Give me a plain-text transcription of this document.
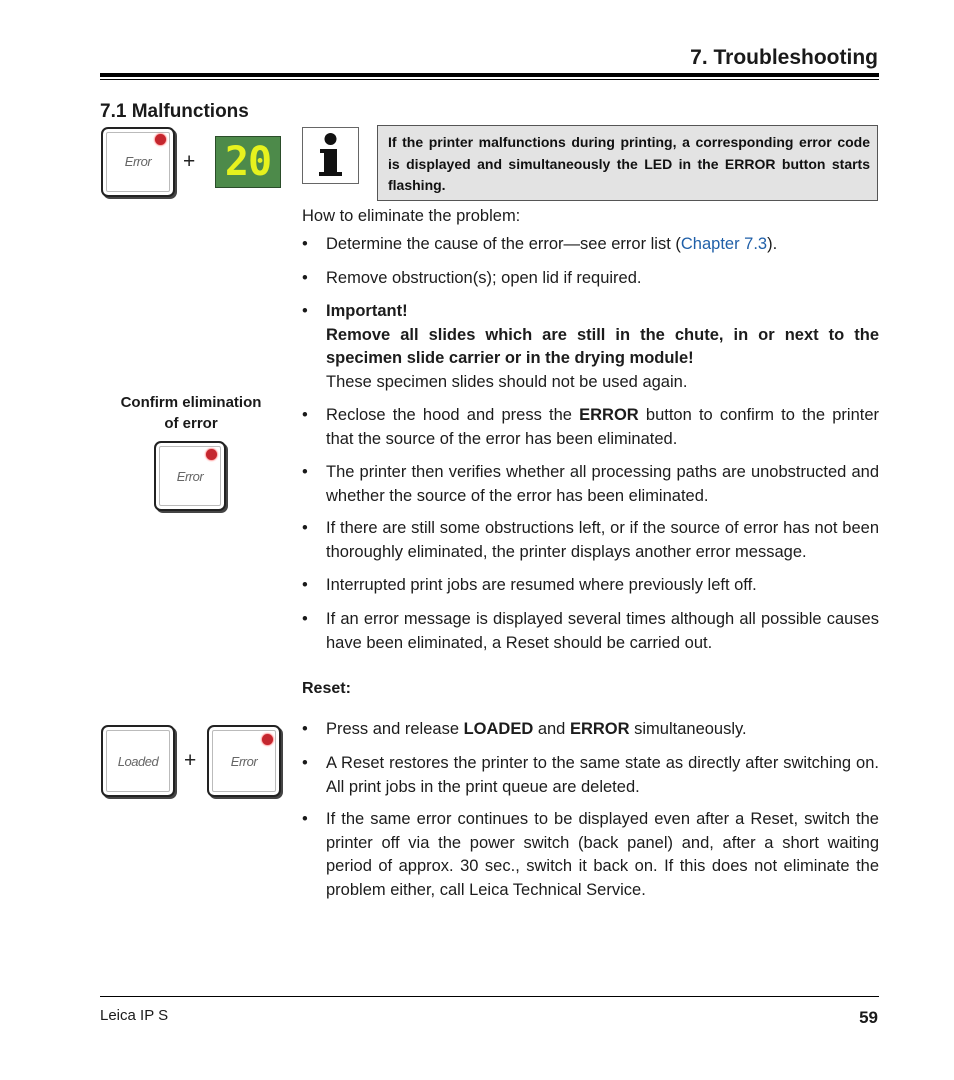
7. Troubleshooting
7.1 Malfunctions
Error	+ 20	If the printer malfunctions during printing, a corresponding error code is displayed and simultaneously the LED in the ERROR button starts flashing.
How to eliminate the problem:
• Determine the cause of the error—see error list (Chapter 7.3).
• Remove obstruction(s); open lid if required.
• Important!
Remove all slides which are still in the chute, in or next to the specimen slide carrier or in the drying module!
These specimen slides should not be used again.
Confirm elimination
of error
Error
• Reclose the hood and press the ERROR button to confirm to the printer that the source of the error has been eliminated.
• The printer then verifies whether all processing paths are unobstructed and whether the source of the error has been eliminated.
• If there are still some obstructions left, or if the source of error has not been thoroughly eliminated, the printer displays another error message.
• Interrupted print jobs are resumed where previously left off.
• If an error message is displayed several times although all possible causes have been eliminated, a Reset should be carried out.
Reset:
Loaded	+	Error
• Press and release LOADED and ERROR simultaneously.
• A Reset restores the printer to the same state as directly after switching on. All print jobs in the print queue are deleted.
• If the same error continues to be displayed even after a Reset, switch the printer off via the power switch (back panel) and, after a short waiting period of approx. 30 sec., switch it back on. If this does not eliminate the problem either, call Leica Technical Service.
Leica IP S	59
